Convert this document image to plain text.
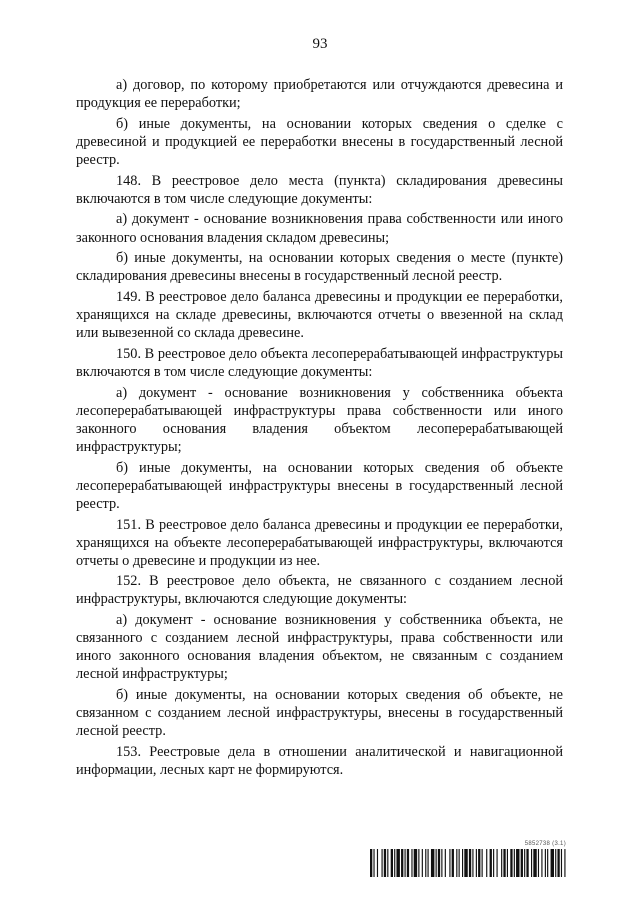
93

а) договор, по которому приобретаются или отчуждаются древесина и продукция ее переработки;

б) иные документы, на основании которых сведения о сделке с древесиной и продукцией ее переработки внесены в государственный лесной реестр.

148. В реестровое дело места (пункта) складирования древесины включаются в том числе следующие документы:

а) документ - основание возникновения права собственности или иного законного основания владения складом древесины;

б) иные документы, на основании которых сведения о месте (пункте) складирования древесины внесены в государственный лесной реестр.

149. В реестровое дело баланса древесины и продукции ее переработки, хранящихся на складе древесины, включаются отчеты о ввезенной на склад или вывезенной со склада древесине.

150. В реестровое дело объекта лесоперерабатывающей инфраструктуры включаются в том числе следующие документы:

а) документ - основание возникновения у собственника объекта лесоперерабатывающей инфраструктуры права собственности или иного законного основания владения объектом лесоперерабатывающей инфраструктуры;

б) иные документы, на основании которых сведения об объекте лесоперерабатывающей инфраструктуры внесены в государственный лесной реестр.

151. В реестровое дело баланса древесины и продукции ее переработки, хранящихся на объекте лесоперерабатывающей инфраструктуры, включаются отчеты о древесине и продукции из нее.

152. В реестровое дело объекта, не связанного с созданием лесной инфраструктуры, включаются следующие документы:

а) документ - основание возникновения у собственника объекта, не связанного с созданием лесной инфраструктуры, права собственности или иного законного основания владения объектом, не связанным с созданием лесной инфраструктуры;

б) иные документы, на основании которых сведения об объекте, не связанном с созданием лесной инфраструктуры, внесены в государственный лесной реестр.

153. Реестровые дела в отношении аналитической и навигационной информации, лесных карт не формируются.

5852738 (3.1)
